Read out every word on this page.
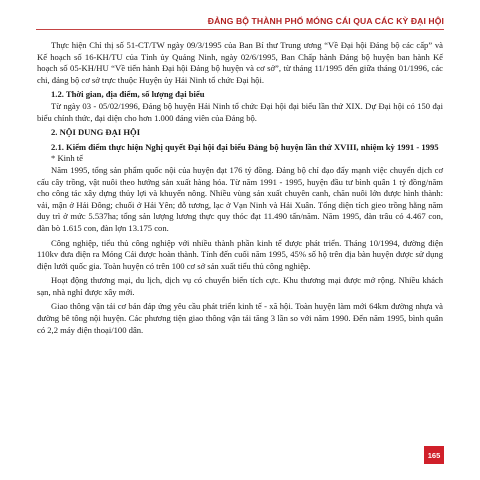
ĐẢNG BỘ THÀNH PHỐ MÓNG CÁI QUA CÁC KỲ ĐẠI HỘI

Thực hiện Chỉ thị số 51-CT/TW ngày 09/3/1995 của Ban Bí thư Trung ương “Về Đại hội Đảng bộ các cấp” và Kế hoạch số 16-KH/TU của Tỉnh ủy Quảng Ninh, ngày 02/6/1995, Ban Chấp hành Đảng bộ huyện ban hành Kế hoạch số 05-KH/HU “Về tiến hành Đại hội Đảng bộ huyện và cơ sở”, từ tháng 11/1995 đến giữa tháng 01/1996, các chi, đảng bộ cơ sở trực thuộc Huyện ủy Hải Ninh tổ chức Đại hội.

1.2. Thời gian, địa điểm, số lượng đại biểu

Từ ngày 03 - 05/02/1996, Đảng bộ huyện Hải Ninh tổ chức Đại hội đại biểu lần thứ XIX. Dự Đại hội có 150 đại biểu chính thức, đại diện cho hơn 1.000 đảng viên của Đảng bộ.

2. NỘI DUNG ĐẠI HỘI

2.1. Kiểm điểm thực hiện Nghị quyết Đại hội đại biểu Đảng bộ huyện lần thứ XVIII, nhiệm kỳ 1991 - 1995

* Kinh tế

Năm 1995, tổng sản phẩm quốc nội của huyện đạt 176 tỷ đồng. Đảng bộ chỉ đạo đẩy mạnh việc chuyển dịch cơ cấu cây trồng, vật nuôi theo hướng sản xuất hàng hóa. Từ năm 1991 - 1995, huyện đầu tư bình quân 1 tỷ đồng/năm cho công tác xây dựng thủy lợi và khuyến nông. Nhiều vùng sản xuất chuyên canh, chăn nuôi lớn được hình thành: vải, mận ở Hải Đông; chuối ở Hải Yên; đỗ tương, lạc ở Vạn Ninh và Hải Xuân. Tổng diện tích gieo trồng hằng năm duy trì ở mức 5.537ha; tổng sản lượng lương thực quy thóc đạt 11.490 tấn/năm. Năm 1995, đàn trâu có 4.467 con, đàn bò 1.615 con, đàn lợn 13.175 con.

Công nghiệp, tiểu thủ công nghiệp với nhiều thành phần kinh tế được phát triển. Tháng 10/1994, đường điện 110kv đưa điện ra Móng Cái được hoàn thành. Tính đến cuối năm 1995, 45% số hộ trên địa bàn huyện được sử dụng điện lưới quốc gia. Toàn huyện có trên 100 cơ sở sản xuất tiểu thủ công nghiệp.

Hoạt động thương mại, du lịch, dịch vụ có chuyển biến tích cực. Khu thương mại được mở rộng. Nhiều khách sạn, nhà nghỉ được xây mới.

Giao thông vận tải cơ bản đáp ứng yêu cầu phát triển kinh tế - xã hội. Toàn huyện làm mới 64km đường nhựa và đường bê tông nội huyện. Các phương tiện giao thông vận tải tăng 3 lần so với năm 1990. Đến năm 1995, bình quân có 2,2 máy điện thoại/100 dân.

165
